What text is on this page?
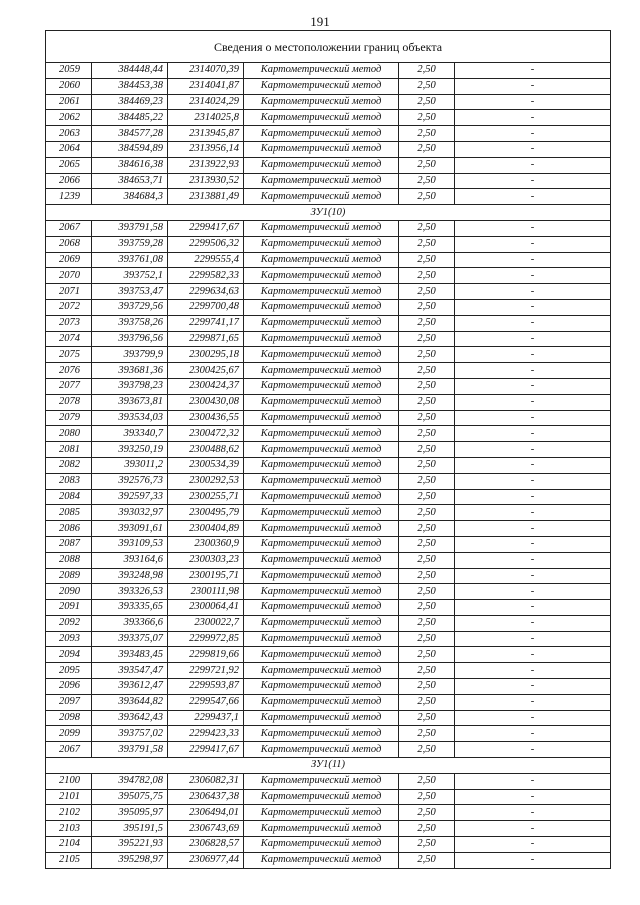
191
Сведения о местоположении границ объекта					
2059	384448,44	2314070,39	Картометрический метод	2,50	-
2060	384453,38	2314041,87	Картометрический метод	2,50	-
2061	384469,23	2314024,29	Картометрический метод	2,50	-
2062	384485,22	2314025,8	Картометрический метод	2,50	-
2063	384577,28	2313945,87	Картометрический метод	2,50	-
2064	384594,89	2313956,14	Картометрический метод	2,50	-
2065	384616,38	2313922,93	Картометрический метод	2,50	-
2066	384653,71	2313930,52	Картометрический метод	2,50	-
1239	384684,3	2313881,49	Картометрический метод	2,50	-
ЗУ1(10)					
2067	393791,58	2299417,67	Картометрический метод	2,50	-
2068	393759,28	2299506,32	Картометрический метод	2,50	-
2069	393761,08	2299555,4	Картометрический метод	2,50	-
2070	393752,1	2299582,33	Картометрический метод	2,50	-
2071	393753,47	2299634,63	Картометрический метод	2,50	-
2072	393729,56	2299700,48	Картометрический метод	2,50	-
2073	393758,26	2299741,17	Картометрический метод	2,50	-
2074	393796,56	2299871,65	Картометрический метод	2,50	-
2075	393799,9	2300295,18	Картометрический метод	2,50	-
2076	393681,36	2300425,67	Картометрический метод	2,50	-
2077	393798,23	2300424,37	Картометрический метод	2,50	-
2078	393673,81	2300430,08	Картометрический метод	2,50	-
2079	393534,03	2300436,55	Картометрический метод	2,50	-
2080	393340,7	2300472,32	Картометрический метод	2,50	-
2081	393250,19	2300488,62	Картометрический метод	2,50	-
2082	393011,2	2300534,39	Картометрический метод	2,50	-
2083	392576,73	2300292,53	Картометрический метод	2,50	-
2084	392597,33	2300255,71	Картометрический метод	2,50	-
2085	393032,97	2300495,79	Картометрический метод	2,50	-
2086	393091,61	2300404,89	Картометрический метод	2,50	-
2087	393109,53	2300360,9	Картометрический метод	2,50	-
2088	393164,6	2300303,23	Картометрический метод	2,50	-
2089	393248,98	2300195,71	Картометрический метод	2,50	-
2090	393326,53	2300111,98	Картометрический метод	2,50	-
2091	393335,65	2300064,41	Картометрический метод	2,50	-
2092	393366,6	2300022,7	Картометрический метод	2,50	-
2093	393375,07	2299972,85	Картометрический метод	2,50	-
2094	393483,45	2299819,66	Картометрический метод	2,50	-
2095	393547,47	2299721,92	Картометрический метод	2,50	-
2096	393612,47	2299593,87	Картометрический метод	2,50	-
2097	393644,82	2299547,66	Картометрический метод	2,50	-
2098	393642,43	2299437,1	Картометрический метод	2,50	-
2099	393757,02	2299423,33	Картометрический метод	2,50	-
2067	393791,58	2299417,67	Картометрический метод	2,50	-
ЗУ1(11)					
2100	394782,08	2306082,31	Картометрический метод	2,50	-
2101	395075,75	2306437,38	Картометрический метод	2,50	-
2102	395095,97	2306494,01	Картометрический метод	2,50	-
2103	395191,5	2306743,69	Картометрический метод	2,50	-
2104	395221,93	2306828,57	Картометрический метод	2,50	-
2105	395298,97	2306977,44	Картометрический метод	2,50	-
